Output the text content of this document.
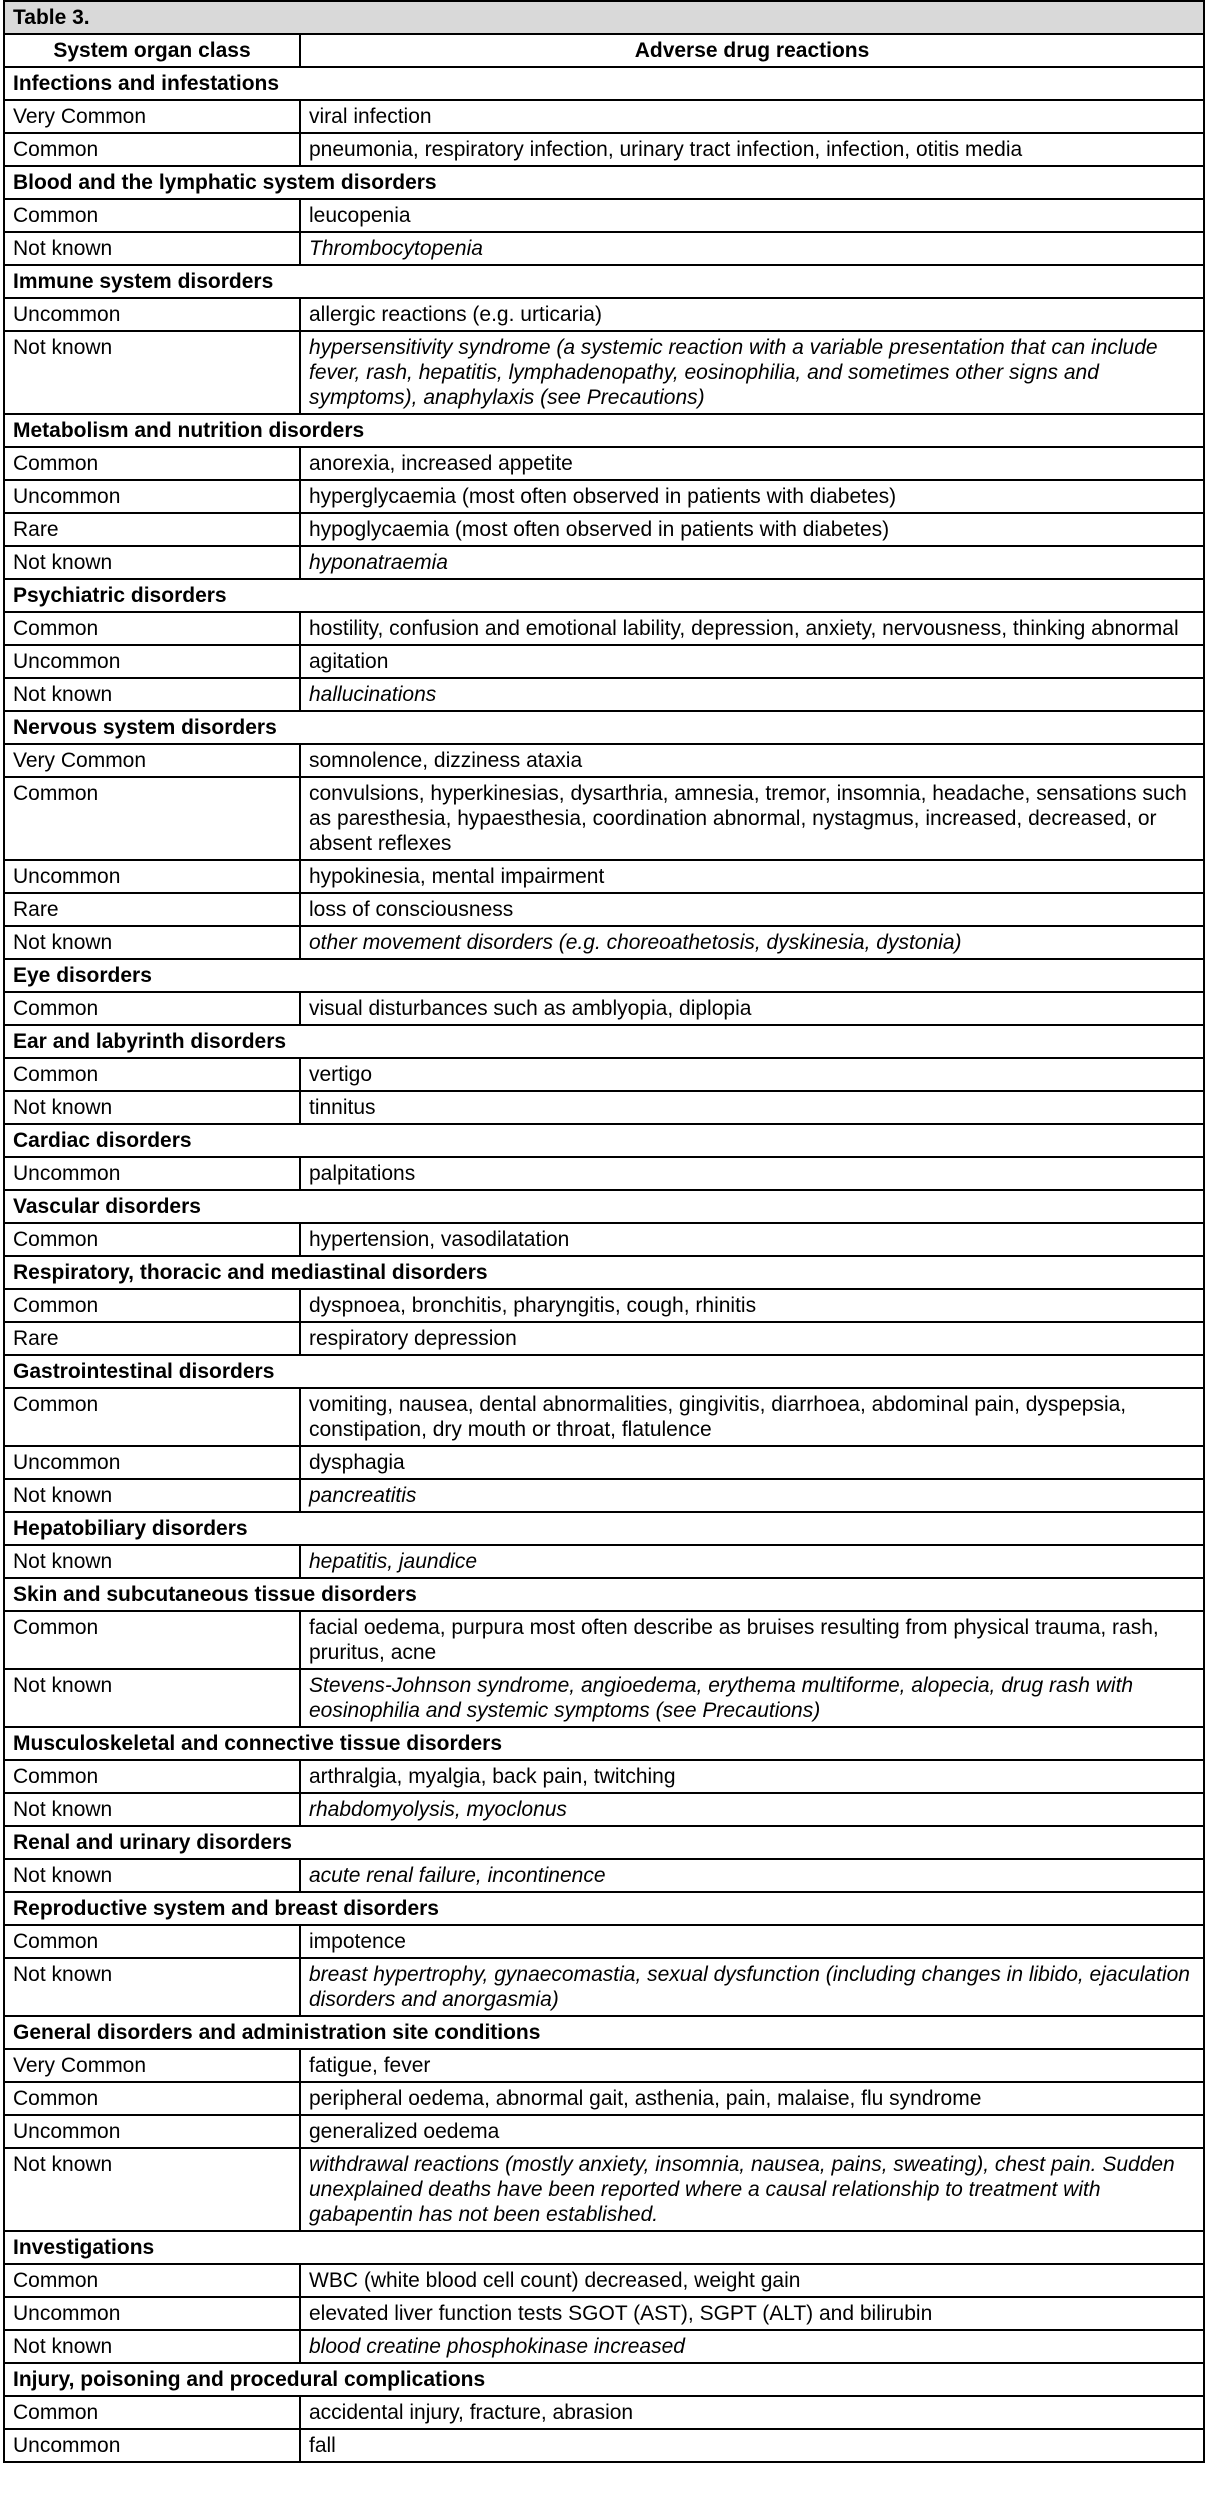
Table 3.	
System organ class	Adverse drug reactions
Infections and infestations	
Very Common	viral infection
Common	pneumonia, respiratory infection, urinary tract infection, infection, otitis media
Blood and the lymphatic system disorders	
Common	leucopenia
Not known	Thrombocytopenia
Immune system disorders	
Uncommon	allergic reactions (e.g. urticaria)
Not known	hypersensitivity syndrome (a systemic reaction with a variable presentation that can include fever, rash, hepatitis, lymphadenopathy, eosinophilia, and sometimes other signs and symptoms), anaphylaxis (see Precautions)
Metabolism and nutrition disorders	
Common	anorexia, increased appetite
Uncommon	hyperglycaemia (most often observed in patients with diabetes)
Rare	hypoglycaemia (most often observed in patients with diabetes)
Not known	hyponatraemia
Psychiatric disorders	
Common	hostility, confusion and emotional lability, depression, anxiety, nervousness, thinking abnormal
Uncommon	agitation
Not known	hallucinations
Nervous system disorders	
Very Common	somnolence, dizziness ataxia
Common	convulsions, hyperkinesias, dysarthria, amnesia, tremor, insomnia, headache, sensations such as paresthesia, hypaesthesia, coordination abnormal, nystagmus, increased, decreased, or absent reflexes
Uncommon	hypokinesia, mental impairment
Rare	loss of consciousness
Not known	other movement disorders (e.g. choreoathetosis, dyskinesia, dystonia)
Eye disorders	
Common	visual disturbances such as amblyopia, diplopia
Ear and labyrinth disorders	
Common	vertigo
Not known	tinnitus
Cardiac disorders	
Uncommon	palpitations
Vascular disorders	
Common	hypertension, vasodilatation
Respiratory, thoracic and mediastinal disorders	
Common	dyspnoea, bronchitis, pharyngitis, cough, rhinitis
Rare	respiratory depression
Gastrointestinal disorders	
Common	vomiting, nausea, dental abnormalities, gingivitis, diarrhoea, abdominal pain, dyspepsia, constipation, dry mouth or throat, flatulence
Uncommon	dysphagia
Not known	pancreatitis
Hepatobiliary disorders	
Not known	hepatitis, jaundice
Skin and subcutaneous tissue disorders	
Common	facial oedema, purpura most often describe as bruises resulting from physical trauma, rash, pruritus, acne
Not known	Stevens-Johnson syndrome, angioedema, erythema multiforme, alopecia, drug rash with eosinophilia and systemic symptoms (see Precautions)
Musculoskeletal and connective tissue disorders	
Common	arthralgia, myalgia, back pain, twitching
Not known	rhabdomyolysis, myoclonus
Renal and urinary disorders	
Not known	acute renal failure, incontinence
Reproductive system and breast disorders	
Common	impotence
Not known	breast hypertrophy, gynaecomastia, sexual dysfunction (including changes in libido, ejaculation disorders and anorgasmia)
General disorders and administration site conditions	
Very Common	fatigue, fever
Common	peripheral oedema, abnormal gait, asthenia, pain, malaise, flu syndrome
Uncommon	generalized oedema
Not known	withdrawal reactions (mostly anxiety, insomnia, nausea, pains, sweating), chest pain. Sudden unexplained deaths have been reported where a causal relationship to treatment with gabapentin has not been established.
Investigations	
Common	WBC (white blood cell count) decreased, weight gain
Uncommon	elevated liver function tests SGOT (AST), SGPT (ALT) and bilirubin
Not known	blood creatine phosphokinase increased
Injury, poisoning and procedural complications	
Common	accidental injury, fracture, abrasion
Uncommon	fall
